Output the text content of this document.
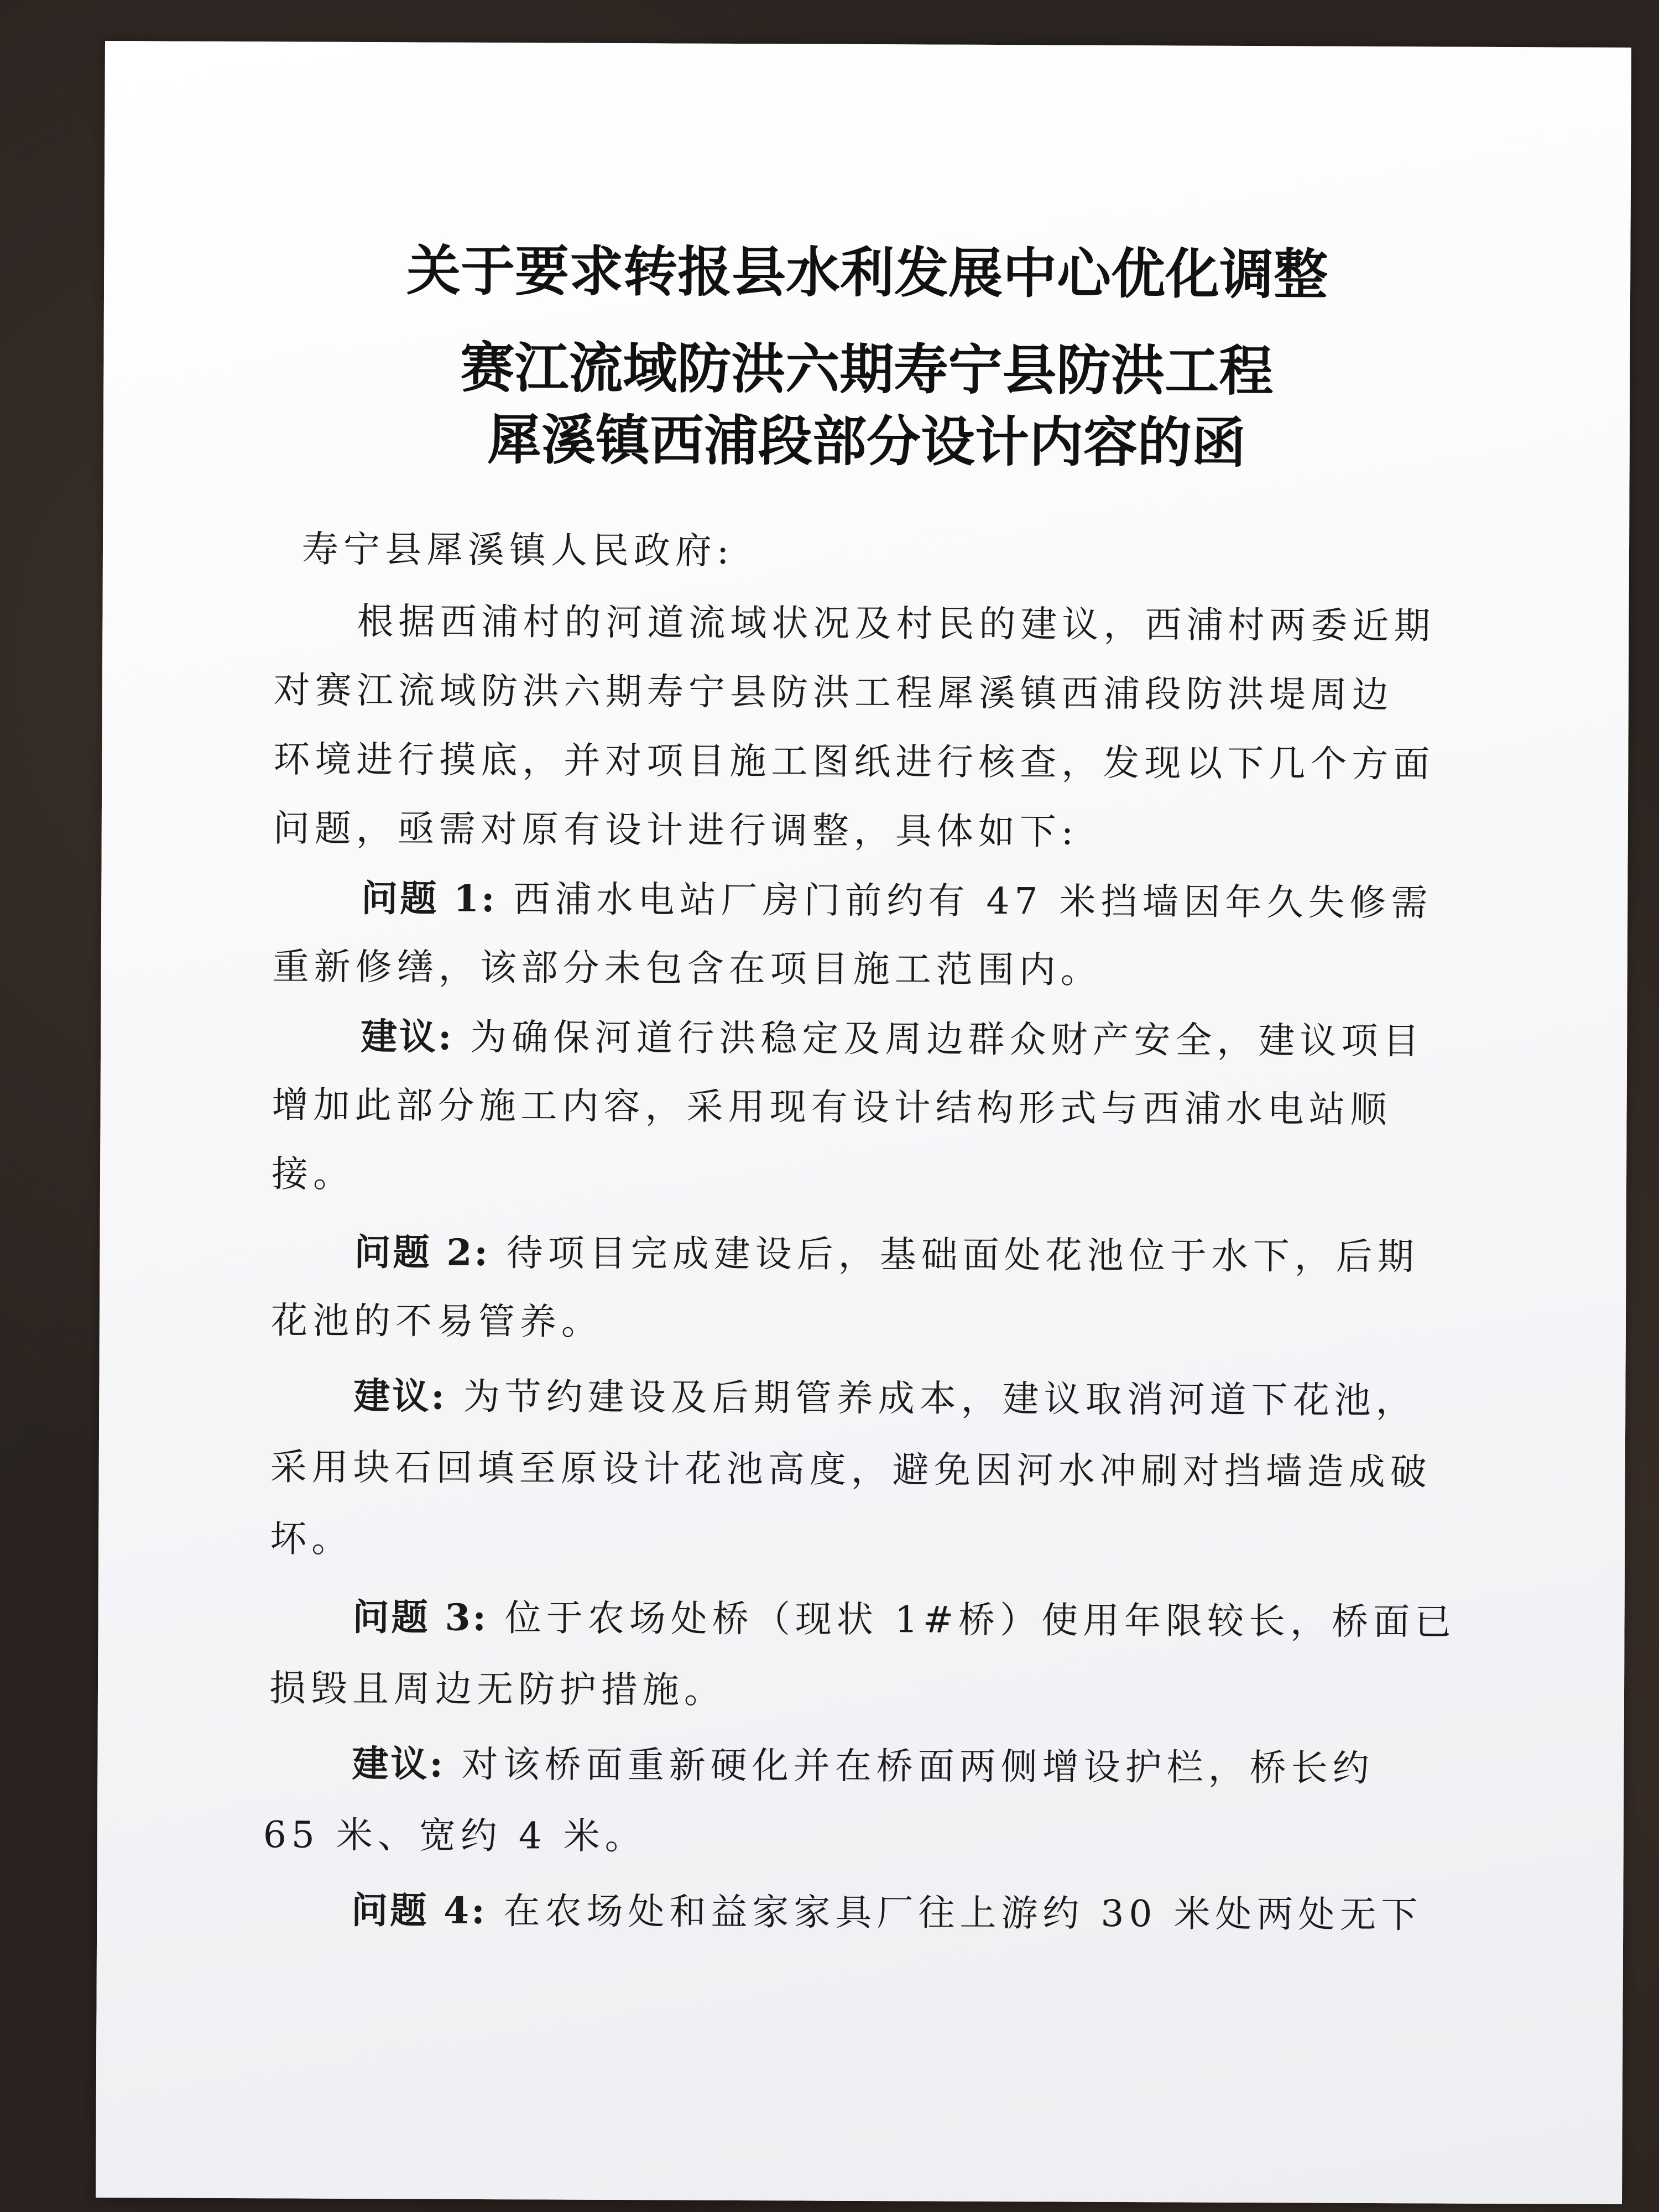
关于要求转报县水利发展中心优化调整
赛江流域防洪六期寿宁县防洪工程
犀溪镇西浦段部分设计内容的函
寿宁县犀溪镇人民政府:
根据西浦村的河道流域状况及村民的建议，西浦村两委近期
对赛江流域防洪六期寿宁县防洪工程犀溪镇西浦段防洪堤周边
环境进行摸底，并对项目施工图纸进行核查，发现以下几个方面
问题，亟需对原有设计进行调整，具体如下:
问题 1: 西浦水电站厂房门前约有 47 米挡墙因年久失修需
重新修缮，该部分未包含在项目施工范围内。
建议: 为确保河道行洪稳定及周边群众财产安全，建议项目
增加此部分施工内容，采用现有设计结构形式与西浦水电站顺
接。
问题 2: 待项目完成建设后，基础面处花池位于水下，后期
花池的不易管养。
建议: 为节约建设及后期管养成本，建议取消河道下花池，
采用块石回填至原设计花池高度，避免因河水冲刷对挡墙造成破
坏。
问题 3: 位于农场处桥（现状 1#桥）使用年限较长，桥面已
损毁且周边无防护措施。
建议: 对该桥面重新硬化并在桥面两侧增设护栏，桥长约
65 米、宽约 4 米。
问题 4: 在农场处和益家家具厂往上游约 30 米处两处无下
